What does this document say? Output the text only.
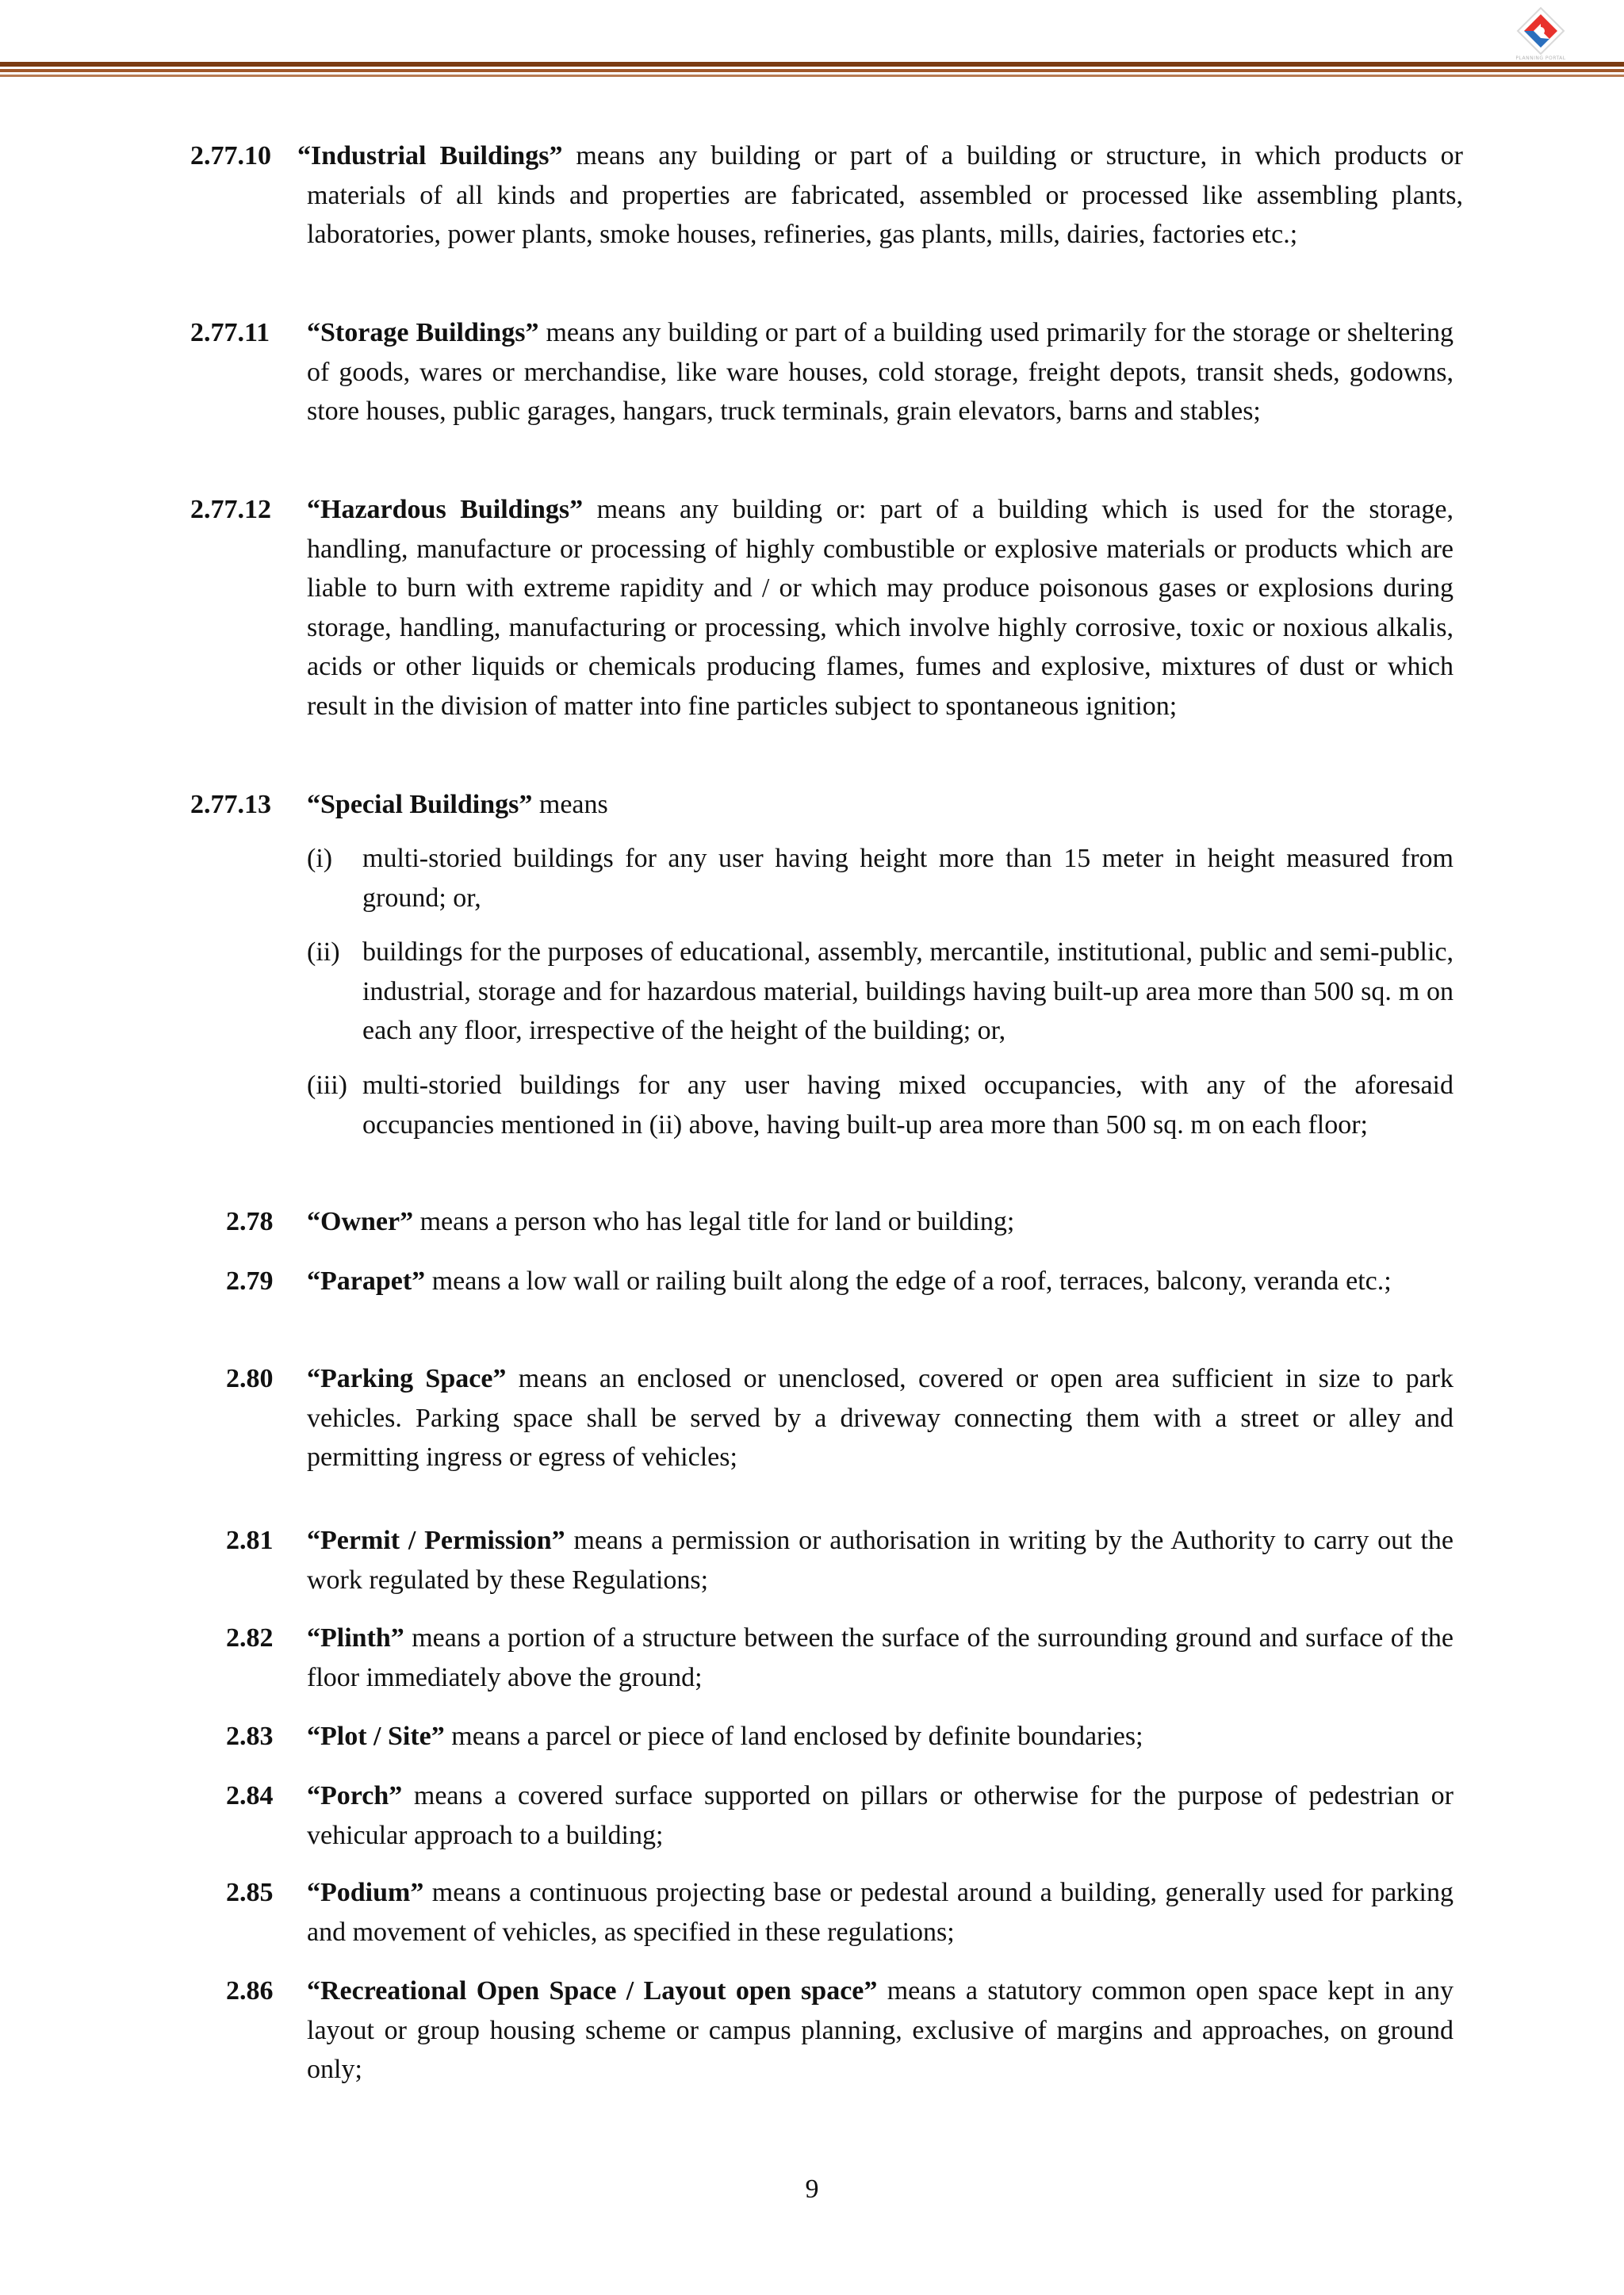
PLANNING PORTAL
2.77.10 “Industrial Buildings” means any building or part of a building or structure, in which products or materials of all kinds and properties are fabricated, assembled or processed like assembling plants, laboratories, power plants, smoke houses, refineries, gas plants, mills, dairies, factories etc.;
2.77.11 “Storage Buildings” means any building or part of a building used primarily for the storage or sheltering of goods, wares or merchandise, like ware houses, cold storage, freight depots, transit sheds, godowns, store houses, public garages, hangars, truck terminals, grain elevators, barns and stables;
2.77.12 “Hazardous Buildings” means any building or: part of a building which is used for the storage, handling, manufacture or processing of highly combustible or explosive materials or products which are liable to burn with extreme rapidity and / or which may produce poisonous gases or explosions during storage, handling, manufacturing or processing, which involve highly corrosive, toxic or noxious alkalis, acids or other liquids or chemicals producing flames, fumes and explosive, mixtures of dust or which result in the division of matter into fine particles subject to spontaneous ignition;
2.77.13 “Special Buildings” means
(i) multi-storied buildings for any user having height more than 15 meter in height measured from ground; or,
(ii) buildings for the purposes of educational, assembly, mercantile, institutional, public and semi-public, industrial, storage and for hazardous material, buildings having built-up area more than 500 sq. m on each any floor, irrespective of the height of the building; or,
(iii) multi-storied buildings for any user having mixed occupancies, with any of the aforesaid occupancies mentioned in (ii) above, having built-up area more than 500 sq. m on each floor;
2.78 “Owner” means a person who has legal title for land or building;
2.79 “Parapet” means a low wall or railing built along the edge of a roof, terraces, balcony, veranda etc.;
2.80 “Parking Space” means an enclosed or unenclosed, covered or open area sufficient in size to park vehicles. Parking space shall be served by a driveway connecting them with a street or alley and permitting ingress or egress of vehicles;
2.81 “Permit / Permission” means a permission or authorisation in writing by the Authority to carry out the work regulated by these Regulations;
2.82 “Plinth” means a portion of a structure between the surface of the surrounding ground and surface of the floor immediately above the ground;
2.83 “Plot / Site” means a parcel or piece of land enclosed by definite boundaries;
2.84 “Porch” means a covered surface supported on pillars or otherwise for the purpose of pedestrian or vehicular approach to a building;
2.85 “Podium” means a continuous projecting base or pedestal around a building, generally used for parking and movement of vehicles, as specified in these regulations;
2.86 “Recreational Open Space / Layout open space” means a statutory common open space kept in any layout or group housing scheme or campus planning, exclusive of margins and approaches, on ground only;
9
